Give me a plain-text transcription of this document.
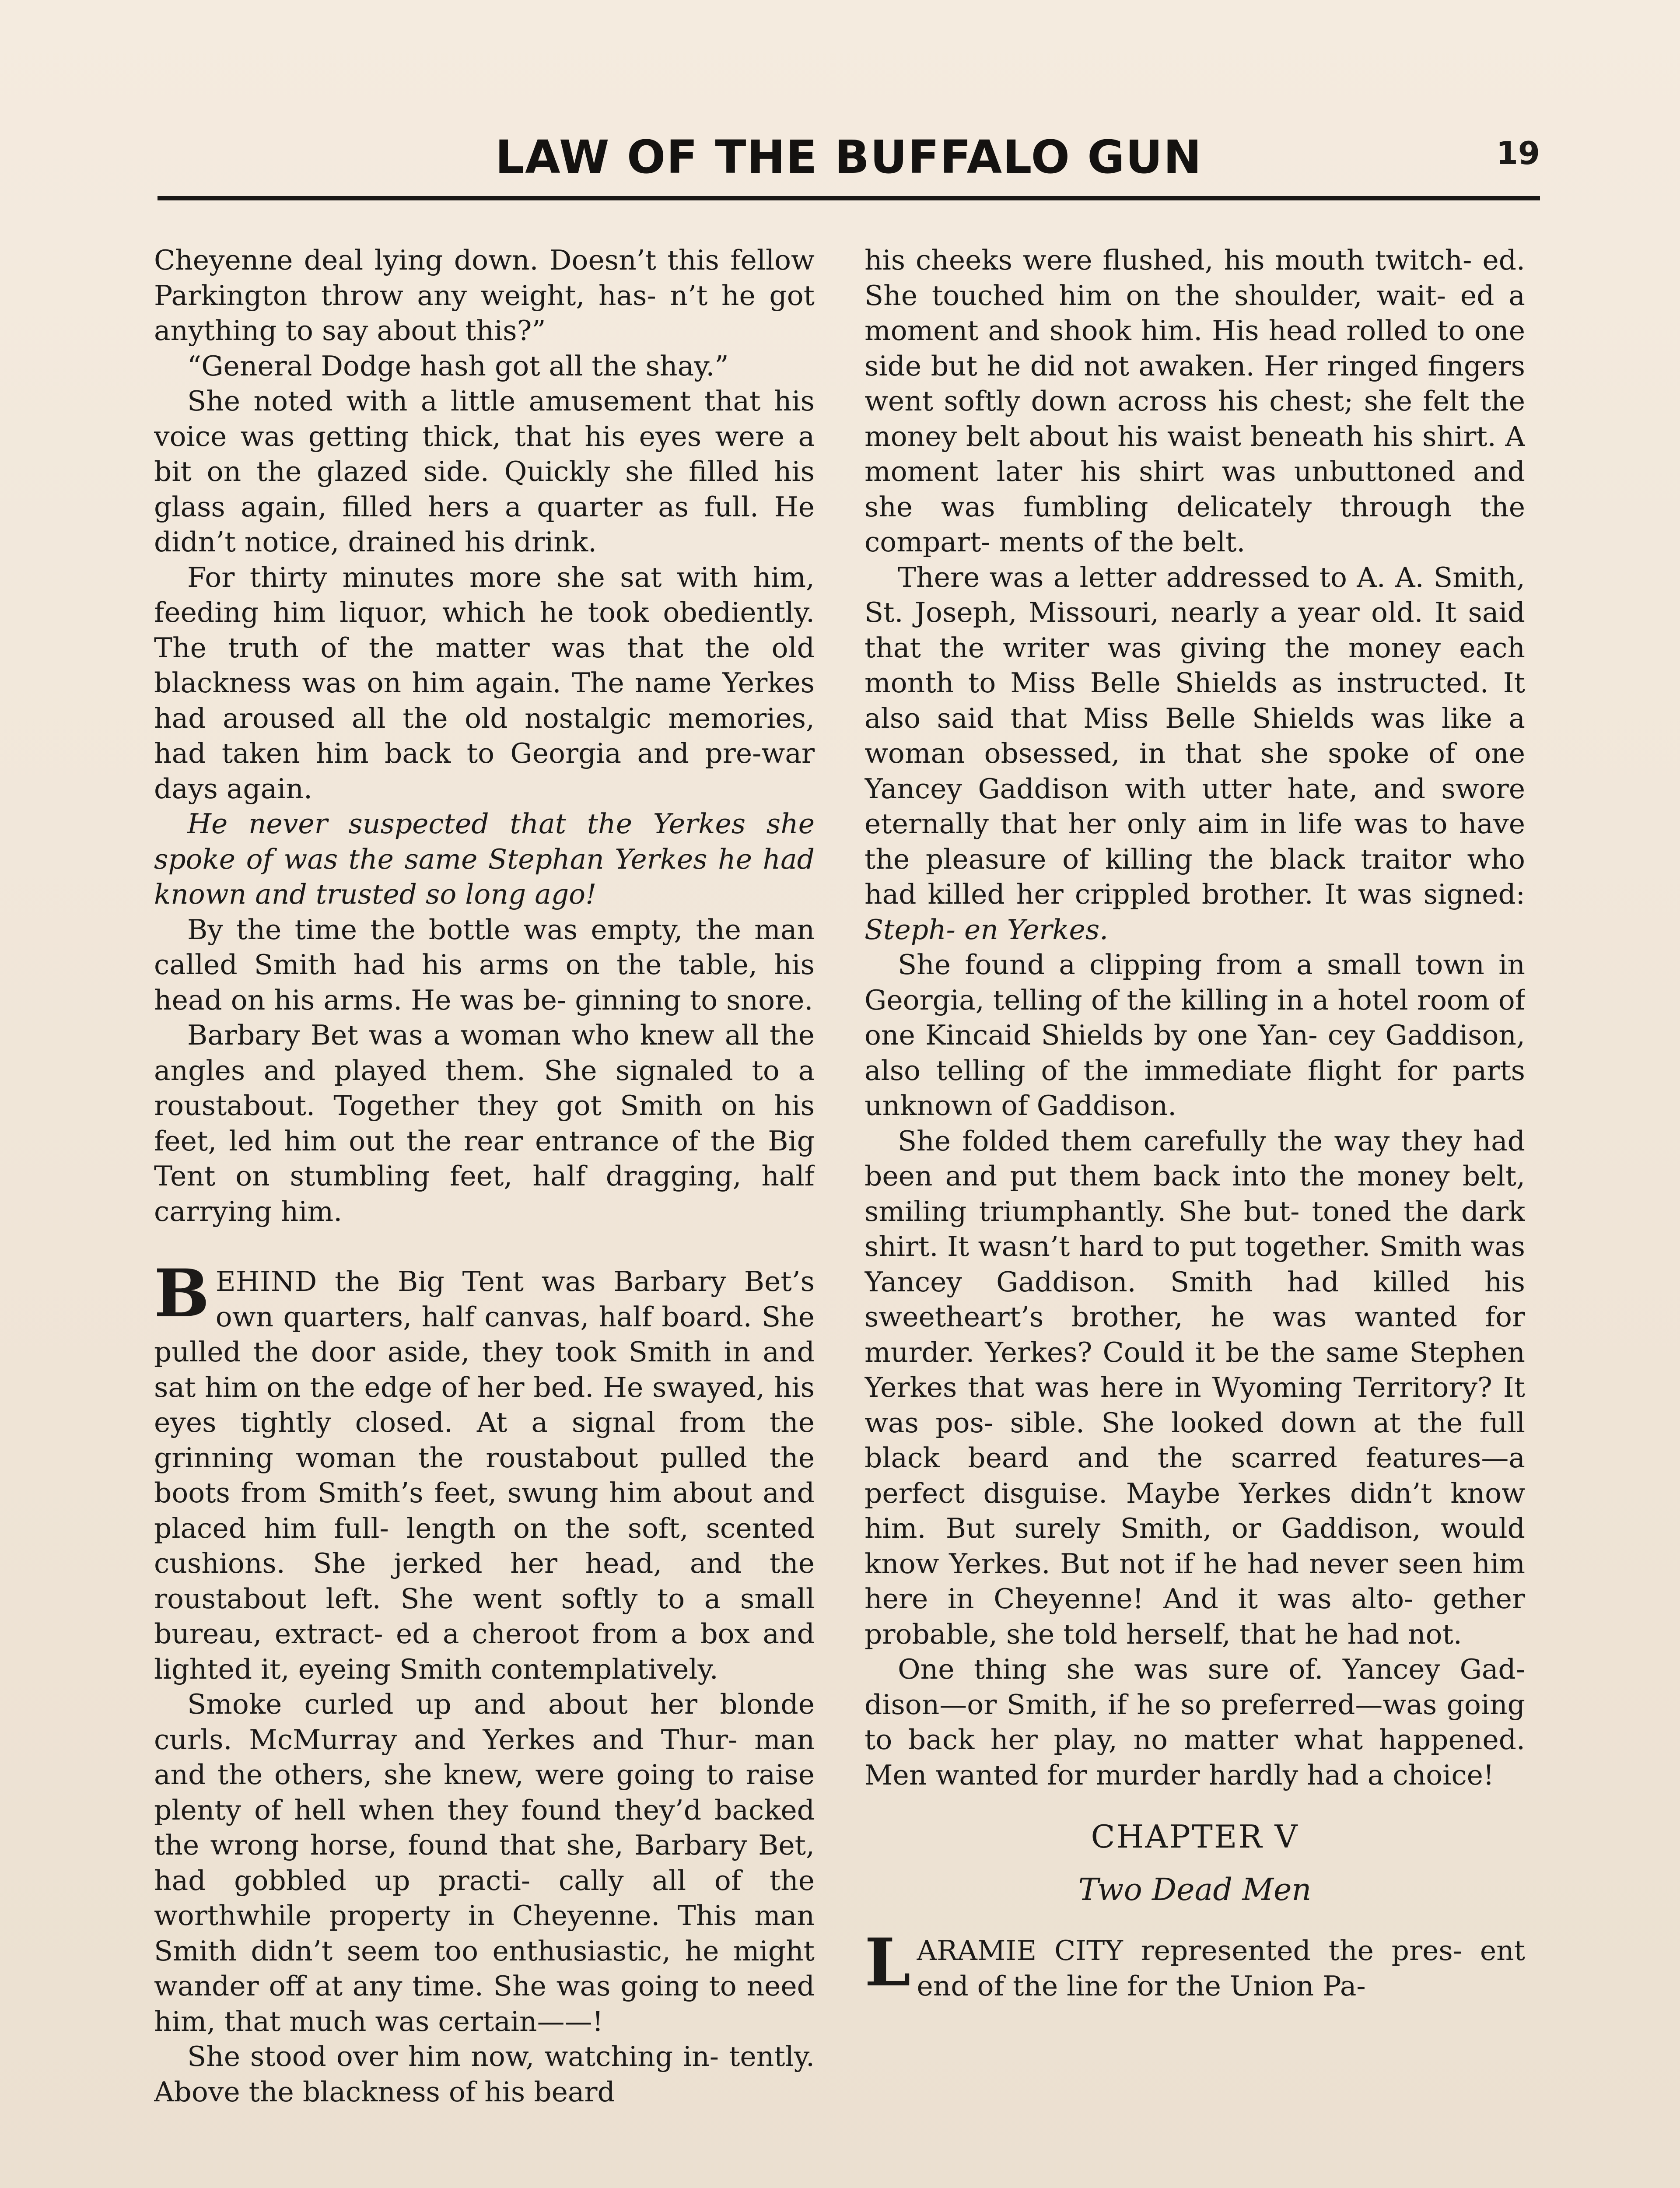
LAW OF THE BUFFALO GUN	19

Cheyenne deal lying down. Doesn’t this fellow Parkington throw any weight, has- n’t he got anything to say about this?”

“General Dodge hash got all the shay.”

She noted with a little amusement that his voice was getting thick, that his eyes were a bit on the glazed side. Quickly she filled his glass again, filled hers a quarter as full. He didn’t notice, drained his drink.

For thirty minutes more she sat with him, feeding him liquor, which he took obediently. The truth of the matter was that the old blackness was on him again. The name Yerkes had aroused all the old nostalgic memories, had taken him back to Georgia and pre-war days again.

He never suspected that the Yerkes she spoke of was the same Stephan Yerkes he had known and trusted so long ago!

By the time the bottle was empty, the man called Smith had his arms on the table, his head on his arms. He was be- ginning to snore.

Barbary Bet was a woman who knew all the angles and played them. She signaled to a roustabout. Together they got Smith on his feet, led him out the rear entrance of the Big Tent on stumbling feet, half dragging, half carrying him.

BEHIND the Big Tent was Barbary Bet’s own quarters, half canvas, half board. She pulled the door aside, they took Smith in and sat him on the edge of her bed. He swayed, his eyes tightly closed. At a signal from the grinning woman the roustabout pulled the boots from Smith’s feet, swung him about and placed him full- length on the soft, scented cushions. She jerked her head, and the roustabout left. She went softly to a small bureau, extract- ed a cheroot from a box and lighted it, eyeing Smith contemplatively.

Smoke curled up and about her blonde curls. McMurray and Yerkes and Thur- man and the others, she knew, were going to raise plenty of hell when they found they’d backed the wrong horse, found that she, Barbary Bet, had gobbled up practi- cally all of the worthwhile property in Cheyenne. This man Smith didn’t seem too enthusiastic, he might wander off at any time. She was going to need him, that much was certain——!

She stood over him now, watching in- tently. Above the blackness of his beard

his cheeks were flushed, his mouth twitch- ed. She touched him on the shoulder, wait- ed a moment and shook him. His head rolled to one side but he did not awaken. Her ringed fingers went softly down across his chest; she felt the money belt about his waist beneath his shirt. A moment later his shirt was unbuttoned and she was fumbling delicately through the compart- ments of the belt.

There was a letter addressed to A. A. Smith, St. Joseph, Missouri, nearly a year old. It said that the writer was giving the money each month to Miss Belle Shields as instructed. It also said that Miss Belle Shields was like a woman obsessed, in that she spoke of one Yancey Gaddison with utter hate, and swore eternally that her only aim in life was to have the pleasure of killing the black traitor who had killed her crippled brother. It was signed: Steph- en Yerkes.

She found a clipping from a small town in Georgia, telling of the killing in a hotel room of one Kincaid Shields by one Yan- cey Gaddison, also telling of the immediate flight for parts unknown of Gaddison.

She folded them carefully the way they had been and put them back into the money belt, smiling triumphantly. She but- toned the dark shirt. It wasn’t hard to put together. Smith was Yancey Gaddison. Smith had killed his sweetheart’s brother, he was wanted for murder. Yerkes? Could it be the same Stephen Yerkes that was here in Wyoming Territory? It was pos- sible. She looked down at the full black beard and the scarred features—a perfect disguise. Maybe Yerkes didn’t know him. But surely Smith, or Gaddison, would know Yerkes. But not if he had never seen him here in Cheyenne! And it was alto- gether probable, she told herself, that he had not.

One thing she was sure of. Yancey Gad- dison—or Smith, if he so preferred—was going to back her play, no matter what happened. Men wanted for murder hardly had a choice!

CHAPTER V
Two Dead Men

LARAMIE CITY represented the pres- ent end of the line for the Union Pa-
